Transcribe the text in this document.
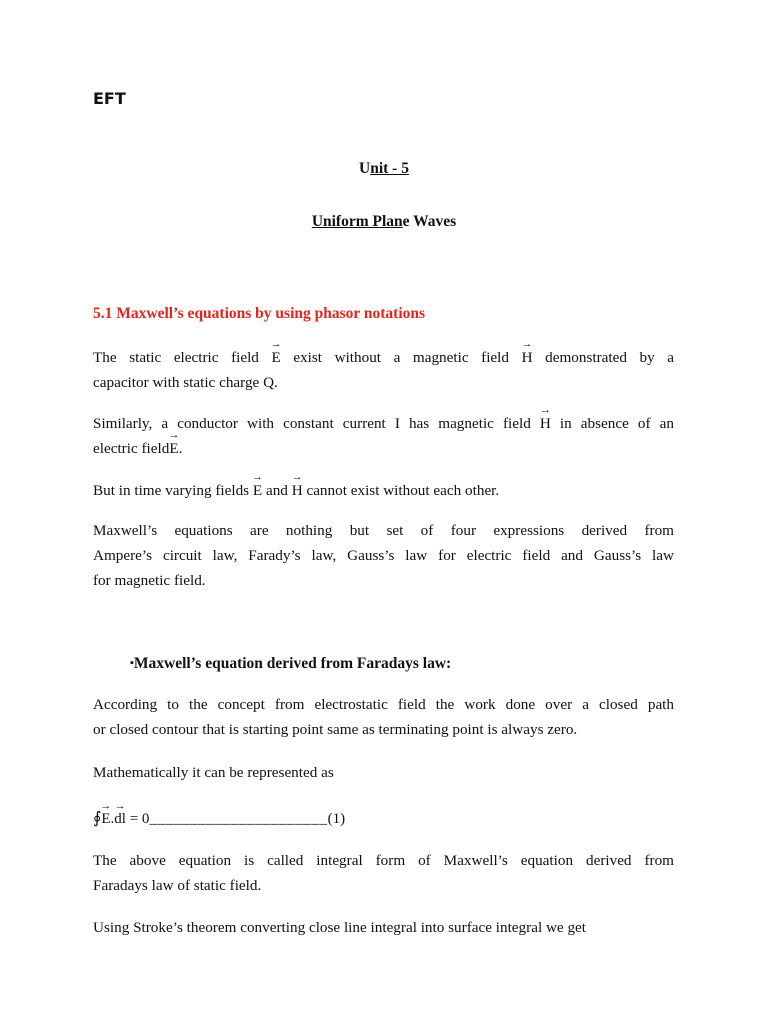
EFT
Unit - 5
Uniform Plane Waves
5.1 Maxwell’s equations by using phasor notations
The static electric field → E exist without a magnetic field → H demonstrated by a
capacitor with static charge Q.
Similarly, a conductor with constant current I has magnetic field → H in absence of an
electric field→ E.
But in time varying fields → E and → H cannot exist without each other.
Maxwell’s equations are nothing but set of four expressions derived from
Ampere’s circuit law, Farady’s law, Gauss’s law for electric field and Gauss’s law
for magnetic field.
▪Maxwell’s equation derived from Faradays law:
According to the concept from electrostatic field the work done over a closed path
or closed contour that is starting point same as terminating point is always zero.
Mathematically it can be represented as
∮→ E.→ dl = 0______________________(1)
The above equation is called integral form of Maxwell’s equation derived from
Faradays law of static field.
Using Stroke’s theorem converting close line integral into surface integral we get
